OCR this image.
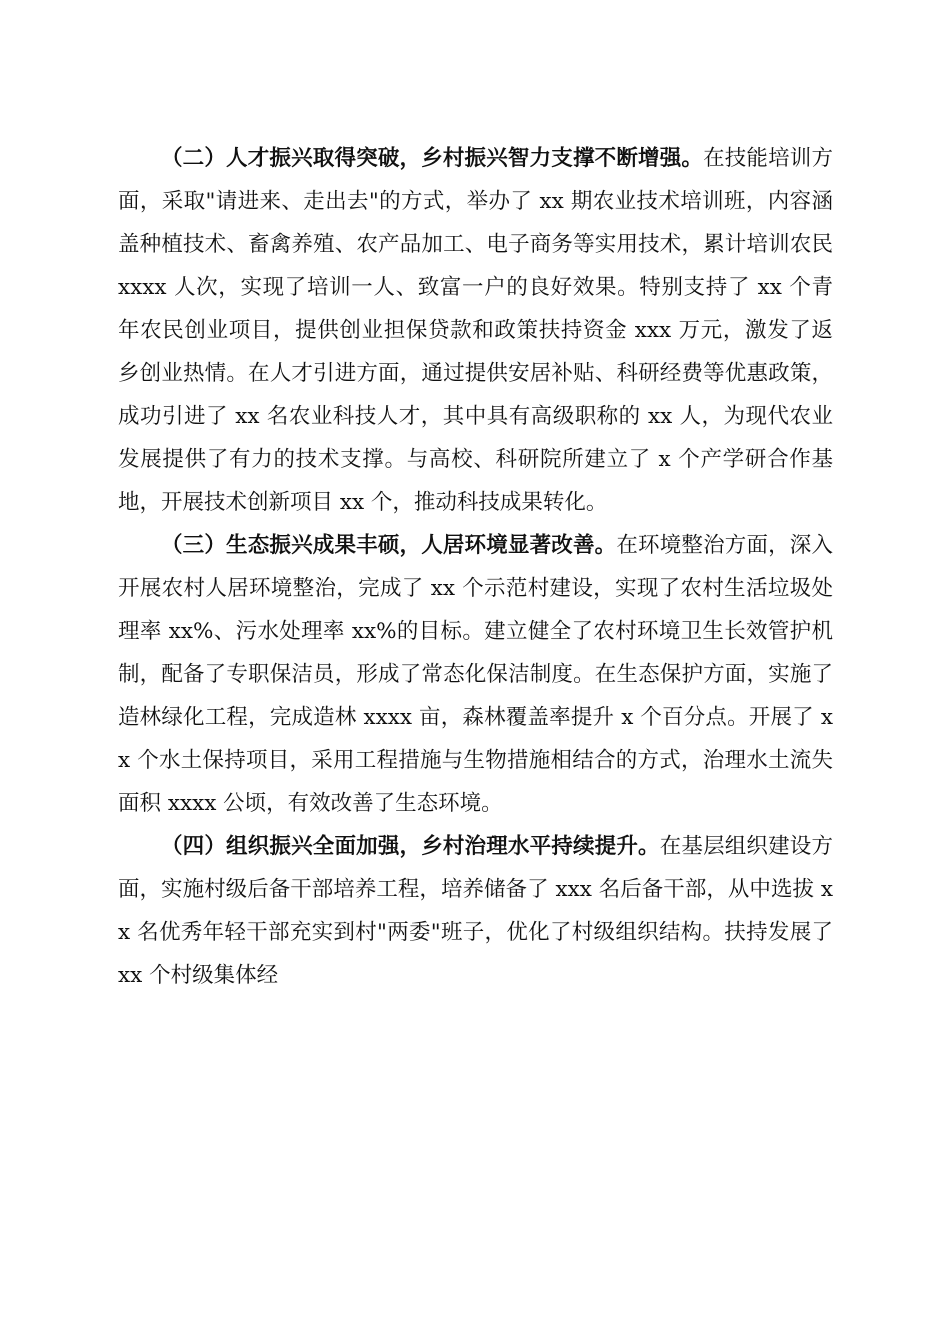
（二）人才振兴取得突破，乡村振兴智力支撑不断增强。在技能培训方面，采取"请进来、走出去"的方式，举办了 xx 期农业技术培训班，内容涵盖种植技术、畜禽养殖、农产品加工、电子商务等实用技术，累计培训农民 xxxx 人次，实现了培训一人、致富一户的良好效果。特别支持了 xx 个青年农民创业项目，提供创业担保贷款和政策扶持资金 xxx 万元，激发了返乡创业热情。在人才引进方面，通过提供安居补贴、科研经费等优惠政策，成功引进了 xx 名农业科技人才，其中具有高级职称的 xx 人，为现代农业发展提供了有力的技术支撑。与高校、科研院所建立了 x 个产学研合作基地，开展技术创新项目 xx 个，推动科技成果转化。

（三）生态振兴成果丰硕，人居环境显著改善。在环境整治方面，深入开展农村人居环境整治，完成了 xx 个示范村建设，实现了农村生活垃圾处理率 xx%、污水处理率 xx%的目标。建立健全了农村环境卫生长效管护机制，配备了专职保洁员，形成了常态化保洁制度。在生态保护方面，实施了造林绿化工程，完成造林 xxxx 亩，森林覆盖率提升 x 个百分点。开展了 xx 个水土保持项目，采用工程措施与生物措施相结合的方式，治理水土流失面积 xxxx 公顷，有效改善了生态环境。

（四）组织振兴全面加强，乡村治理水平持续提升。在基层组织建设方面，实施村级后备干部培养工程，培养储备了 xxx 名后备干部，从中选拔 xx 名优秀年轻干部充实到村"两委"班子，优化了村级组织结构。扶持发展了 xx 个村级集体经
